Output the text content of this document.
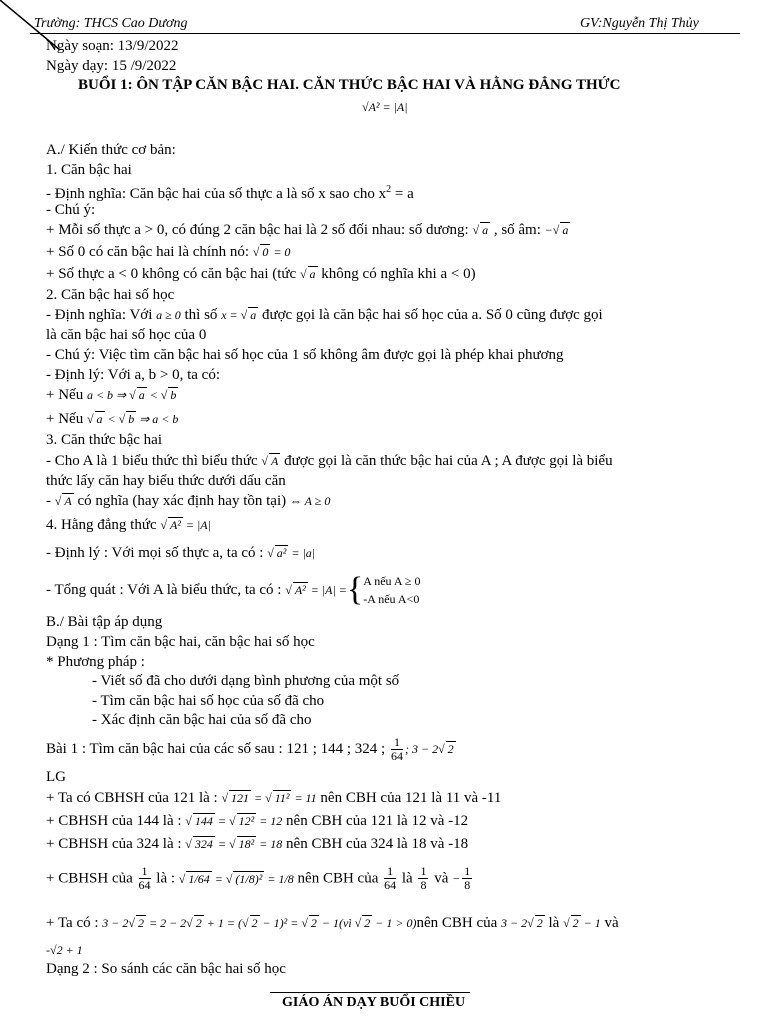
Trường: THCS Cao Dương	GV:Nguyễn Thị Thủy
Ngày soạn: 13/9/2022
Ngày dạy: 15 /9/2022
BUỔI 1: ÔN TẬP CĂN BẬC HAI. CĂN THỨC BẬC HAI VÀ HẰNG ĐẲNG THỨC
√A² = |A|
A./ Kiến thức cơ bản:
1. Căn bậc hai
- Định nghĩa: Căn bậc hai của số thực a là số x sao cho $x^2 = a$
- Chú ý:
+ Mỗi số thực a > 0, có đúng 2 căn bậc hai là 2 số đối nhau: số dương: √ a , số âm: −√ a
+ Số 0 có căn bậc hai là chính nó: √ 0 = 0
+ Số thực a < 0 không có căn bậc hai (tức √ a không có nghĩa khi a < 0)
2. Căn bậc hai số học
- Định nghĩa: Với a ≥ 0 thì số x = √ a được gọi là căn bậc hai số học của a. Số 0 cũng được gọi
là căn bậc hai số học của 0
- Chú ý: Việc tìm căn bậc hai số học của 1 số không âm được gọi là phép khai phương
- Định lý: Với a, b > 0, ta có:
+ Nếu a < b ⇒ √ a < √ b
+ Nếu √ a < √ b ⇒ a < b
3. Căn thức bậc hai
- Cho A là 1 biểu thức thì biểu thức √ A được gọi là căn thức bậc hai của A ; A được gọi là biểu
thức lấy căn hay biểu thức dưới dấu căn
- √ A có nghĩa (hay xác định hay tồn tại) ⇔ A ≥ 0
4. Hằng đẳng thức √ A² = |A|
- Định lý : Với mọi số thực a, ta có : √ a² = |a|
- Tổng quát : Với A là biểu thức, ta có : √ A² = |A| ={ A nếu A ≥ 0
-A nếu A<0
B./ Bài tập áp dụng
Dạng 1 : Tìm căn bậc hai, căn bậc hai số học
* Phương pháp :
- Viết số đã cho dưới dạng bình phương của một số
- Tìm căn bậc hai số học của số đã cho
- Xác định căn bậc hai của số đã cho
Bài 1 : Tìm căn bậc hai của các số sau : 121 ; 144 ; 324 ; $\frac{1}{64}$ ; 3 − 2√ 2
LG
+ Ta có CBHSH của 121 là : √ 121 = √ 11² = 11 nên CBH của 121 là 11 và -11
+ CBHSH của 144 là : √ 144 = √ 12² = 12 nên CBH của 121 là 12 và -12
+ CBHSH của 324 là : √ 324 = √ 18² = 18 nên CBH của 324 là 18 và -18
+ CBHSH của $\frac{1}{64}$ là : √ 1/64 = √ (1/8)² = 1/8 nên CBH của $\frac{1}{64}$ là $\frac{1}{8}$ và − $\frac{1}{8}$
+ Ta có : 3 − 2√ 2 = 2 − 2√ 2 + 1 = (√ 2 − 1)² = √ 2 − 1(vì √ 2 − 1 > 0)nên CBH của 3 − 2√ 2 là √ 2 − 1 và
-√2 + 1
Dạng 2 : So sánh các căn bậc hai số học
GIÁO ÁN DẠY BUỔI CHIỀU
